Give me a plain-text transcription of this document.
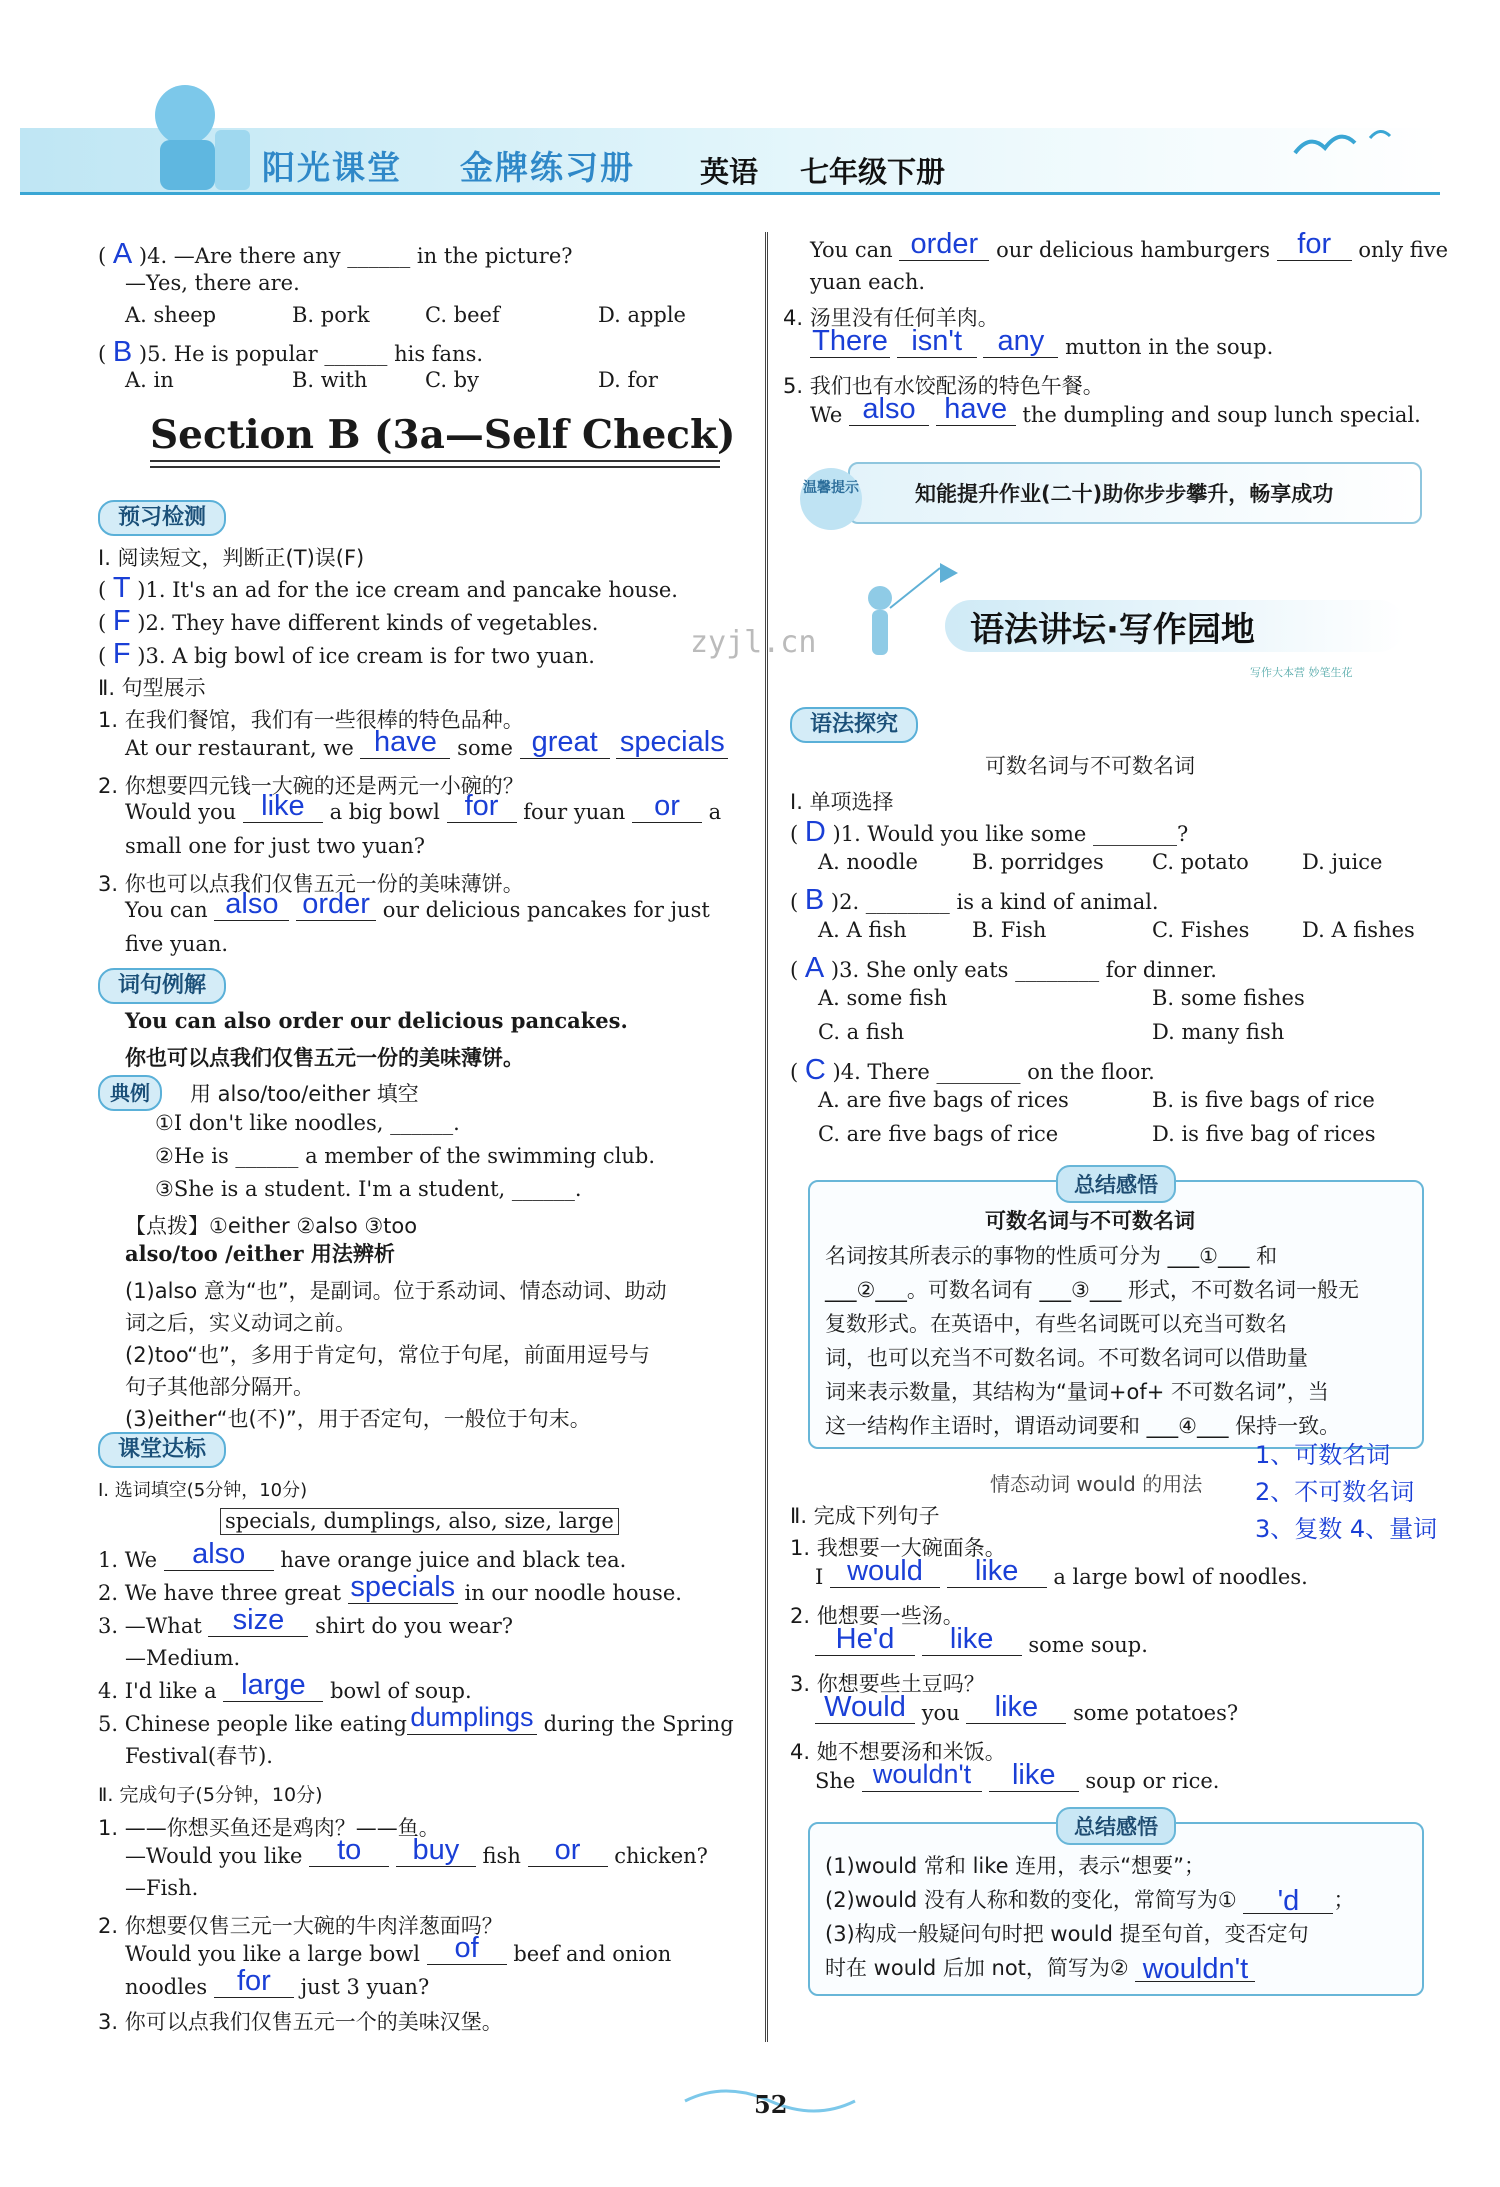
阳光课堂 金牌练习册 英语 七年级下册
( A )4. —Are there any ______ in the picture?
—Yes, there are.
A. sheep	B. pork	C. beef	D. apple
( B )5. He is popular ______ his fans.
A. in	B. with	C. by	D. for
Section B (3a—Self Check)
预习检测
Ⅰ. 阅读短文，判断正(T)误(F)
( T )1. It's an ad for the ice cream and pancake house.
( F )2. They have different kinds of vegetables.
( F )3. A big bowl of ice cream is for two yuan.	zyjl.cn
Ⅱ. 句型展示
1. 在我们餐馆，我们有一些很棒的特色品种。
At our restaurant, we have some great specials
2. 你想要四元钱一大碗的还是两元一小碗的？
Would you like a big bowl for four yuan or a
small one for just two yuan?
3. 你也可以点我们仅售五元一份的美味薄饼。
You can also order our delicious pancakes for just
five yuan.
词句例解
You can also order our delicious pancakes.
你也可以点我们仅售五元一份的美味薄饼。
典例	用 also/too/either 填空
①I don't like noodles, ______.
②He is ______ a member of the swimming club.
③She is a student. I'm a student, ______.
【点拨】①either ②also ③too
also/too /either 用法辨析
(1)also 意为“也”，是副词。位于系动词、情态动词、助动
词之后，实义动词之前。
(2)too“也”，多用于肯定句，常位于句尾，前面用逗号与
句子其他部分隔开。
(3)either“也(不)”，用于否定句，一般位于句末。
课堂达标
Ⅰ. 选词填空(5分钟，10分)
specials, dumplings, also, size, large
1. We also have orange juice and black tea.
2. We have three great specials in our noodle house.
3. —What size shirt do you wear?
—Medium.
4. I'd like a large bowl of soup.
5. Chinese people like eating dumplings during the Spring
Festival(春节).
Ⅱ. 完成句子(5分钟，10分)
1. ——你想买鱼还是鸡肉？——鱼。
—Would you like to buy fish or chicken?
—Fish.
2. 你想要仅售三元一大碗的牛肉洋葱面吗？
Would you like a large bowl of beef and onion
noodles for just 3 yuan?
3. 你可以点我们仅售五元一个的美味汉堡。
You can order our delicious hamburgers for only five
yuan each.
4. 汤里没有任何羊肉。
There isn't any mutton in the soup.
5. 我们也有水饺配汤的特色午餐。
We also have the dumpling and soup lunch special.
温馨提示	知能提升作业(二十)助你步步攀升，畅享成功
语法讲坛·写作园地
写作大本营 妙笔生花
语法探究
可数名词与不可数名词
Ⅰ. 单项选择
( D )1. Would you like some ________?
A. noodle	B. porridges C. potato	D. juice
( B )2. ________ is a kind of animal.
A. A fish	B. Fish	C. Fishes	D. A fishes
( A )3. She only eats ________ for dinner.
A. some fish	B. some fishes
C. a fish	D. many fish
( C )4. There ________ on the floor.
A. are five bags of rices	B. is five bags of rice
C. are five bags of rice	D. is five bag of rices
总结感悟
可数名词与不可数名词
名词按其所表示的事物的性质可分为 ___①___ 和
___②___。可数名词有 ___③___ 形式，不可数名词一般无
复数形式。在英语中，有些名词既可以充当可数名
词，也可以充当不可数名词。不可数名词可以借助量
词来表示数量，其结构为“量词+of+ 不可数名词”，当
这一结构作主语时，谓语动词要和 ___④___ 保持一致。
情态动词 would 的用法
1、可数名词
2、不可数名词
3、复数 4、量词
Ⅱ. 完成下列句子
1. 我想要一大碗面条。
I would like a large bowl of noodles.
2. 他想要一些汤。
He'd like some soup.
3. 你想要些土豆吗？
Would you like some potatoes?
4. 她不想要汤和米饭。
She wouldn't like soup or rice.
总结感悟
(1)would 常和 like 连用，表示“想要”；
(2)would 没有人称和数的变化，常简写为① 'd ；
(3)构成一般疑问句时把 would 提至句首，变否定句
时在 would 后加 not，简写为② wouldn't
52
